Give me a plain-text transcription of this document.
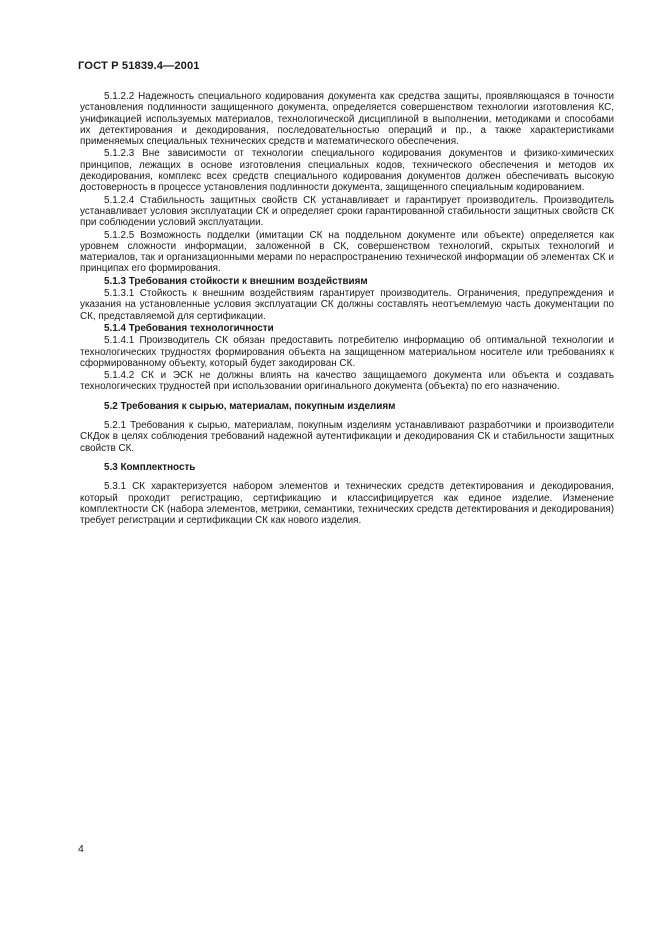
ГОСТ Р 51839.4—2001

5.1.2.2 Надежность специального кодирования документа как средства защиты, проявляющаяся в точности установления подлинности защищенного документа, определяется совершенством технологии изготовления КС, унификацией используемых материалов, технологической дисциплиной в выполнении, методиками и способами их детектирования и декодирования, последовательностью операций и пр., а также характеристиками применяемых специальных технических средств и математического обеспечения.

5.1.2.3 Вне зависимости от технологии специального кодирования документов и физико-химических принципов, лежащих в основе изготовления специальных кодов, технического обеспечения и методов их декодирования, комплекс всех средств специального кодирования документов должен обеспечивать высокую достоверность в процессе установления подлинности документа, защищенного специальным кодированием.

5.1.2.4 Стабильность защитных свойств СК устанавливает и гарантирует производитель. Производитель устанавливает условия эксплуатации СК и определяет сроки гарантированной стабильности защитных свойств СК при соблюдении условий эксплуатации.

5.1.2.5 Возможность подделки (имитации СК на поддельном документе или объекте) определяется как уровнем сложности информации, заложенной в СК, совершенством технологий, скрытых технологий и материалов, так и организационными мерами по нераспространению технической информации об элементах СК и принципах его формирования.

5.1.3 Требования стойкости к внешним воздействиям

5.1.3.1 Стойкость к внешним воздействиям гарантирует производитель. Ограничения, предупреждения и указания на установленные условия эксплуатации СК должны составлять неотъемлемую часть документации по СК, представляемой для сертификации.

5.1.4 Требования технологичности

5.1.4.1 Производитель СК обязан предоставить потребителю информацию об оптимальной технологии и технологических трудностях формирования объекта на защищенном материальном носителе или требованиях к сформированному объекту, который будет закодирован СК.

5.1.4.2 СК и ЭСК не должны влиять на качество защищаемого документа или объекта и создавать технологических трудностей при использовании оригинального документа (объекта) по его назначению.

5.2 Требования к сырью, материалам, покупным изделиям

5.2.1 Требования к сырью, материалам, покупным изделиям устанавливают разработчики и производители СКДок в целях соблюдения требований надежной аутентификации и декодирования СК и стабильности защитных свойств СК.

5.3 Комплектность

5.3.1 СК характеризуется набором элементов и технических средств детектирования и декодирования, который проходит регистрацию, сертификацию и классифицируется как единое изделие. Изменение комплектности СК (набора элементов, метрики, семантики, технических средств детектирования и декодирования) требует регистрации и сертификации СК как нового изделия.

4
